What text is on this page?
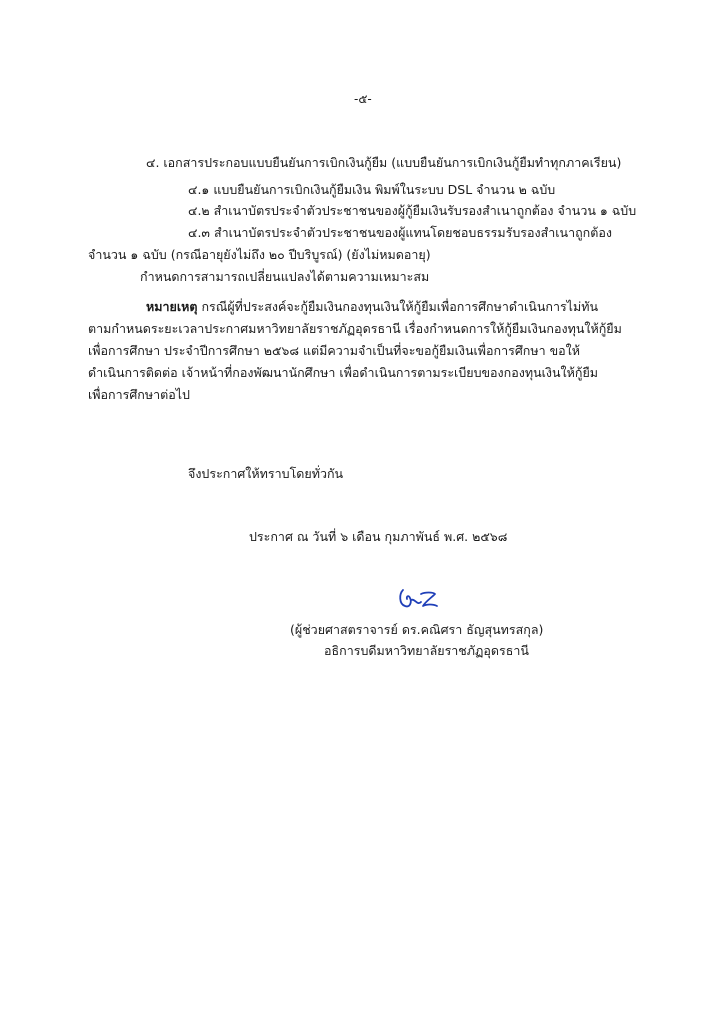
-๕-
๔. เอกสารประกอบแบบยืนยันการเบิกเงินกู้ยืม (แบบยืนยันการเบิกเงินกู้ยืมทำทุกภาคเรียน)
๔.๑ แบบยืนยันการเบิกเงินกู้ยืมเงิน พิมพ์ในระบบ DSL จำนวน ๒ ฉบับ
๔.๒ สำเนาบัตรประจำตัวประชาชนของผู้กู้ยืมเงินรับรองสำเนาถูกต้อง จำนวน ๑ ฉบับ
๔.๓ สำเนาบัตรประจำตัวประชาชนของผู้แทนโดยชอบธรรมรับรองสำเนาถูกต้อง
จำนวน ๑ ฉบับ (กรณีอายุยังไม่ถึง ๒๐ ปีบริบูรณ์) (ยังไม่หมดอายุ)
กำหนดการสามารถเปลี่ยนแปลงได้ตามความเหมาะสม
หมายเหตุ กรณีผู้ที่ประสงค์จะกู้ยืมเงินกองทุนเงินให้กู้ยืมเพื่อการศึกษาดำเนินการไม่ทัน
ตามกำหนดระยะเวลาประกาศมหาวิทยาลัยราชภัฏอุดรธานี เรื่องกำหนดการให้กู้ยืมเงินกองทุนให้กู้ยืม
เพื่อการศึกษา ประจำปีการศึกษา ๒๕๖๘ แต่มีความจำเป็นที่จะขอกู้ยืมเงินเพื่อการศึกษา ขอให้
ดำเนินการติดต่อ เจ้าหน้าที่กองพัฒนานักศึกษา เพื่อดำเนินการตามระเบียบของกองทุนเงินให้กู้ยืม
เพื่อการศึกษาต่อไป
จึงประกาศให้ทราบโดยทั่วกัน
ประกาศ ณ วันที่ ๖ เดือน กุมภาพันธ์ พ.ศ. ๒๕๖๘
(ผู้ช่วยศาสตราจารย์ ดร.คณิศรา ธัญสุนทรสกุล)
อธิการบดีมหาวิทยาลัยราชภัฏอุดรธานี
